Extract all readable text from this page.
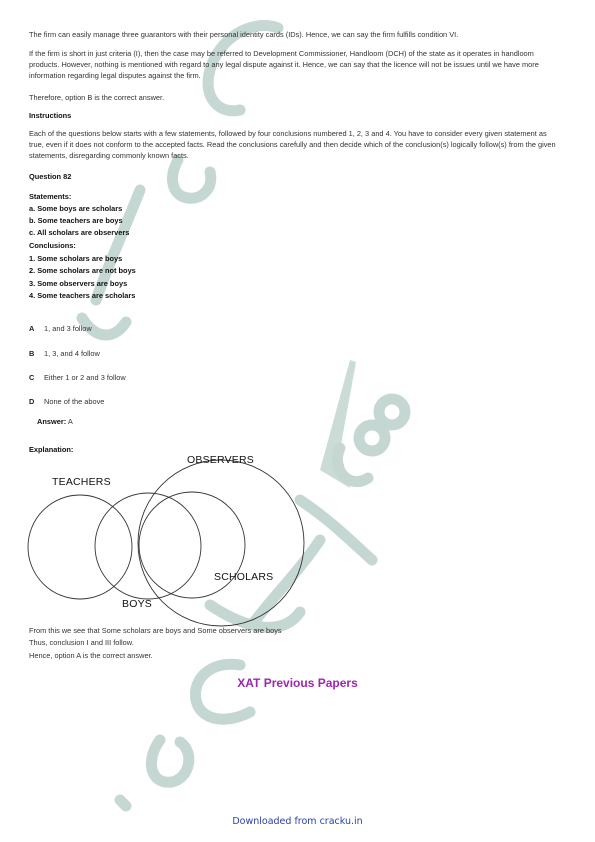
The firm can easily manage three guarantors with their personal identity cards (IDs). Hence, we can say the firm fulfills condition VI.
If the firm is short in just criteria (I), then the case may be referred to Development Commissioner, Handloom (DCH) of the state as it operates in handloom products. However, nothing is mentioned with regard to any legal dispute against it. Hence, we can say that the licence will not be issues until we have more information regarding legal disputes against the firm.
Therefore, option B is the correct answer.
Instructions
Each of the questions below starts with a few statements, followed by four conclusions numbered 1, 2, 3 and 4. You have to consider every given statement as true, even if it does not conform to the accepted facts. Read the conclusions carefully and then decide which of the conclusion(s) logically follow(s) from the given statements, disregarding commonly known facts.
Question 82
Statements:
a. Some boys are scholars
b. Some teachers are boys
c. All scholars are observers
Conclusions:
1. Some scholars are boys
2. Some scholars are not boys
3. Some observers are boys
4. Some teachers are scholars
A 1, and 3 follow
B 1, 3, and 4 follow
C Either 1 or 2 and 3 follow
D None of the above
Answer: A
Explanation:
OBSERVERS
TEACHERS
SCHOLARS
BOYS
From this we see that Some scholars are boys and Some observers are boys
Thus, conclusion I and III follow.
Hence, option A is the correct answer.
XAT Previous Papers
Downloaded from cracku.in
